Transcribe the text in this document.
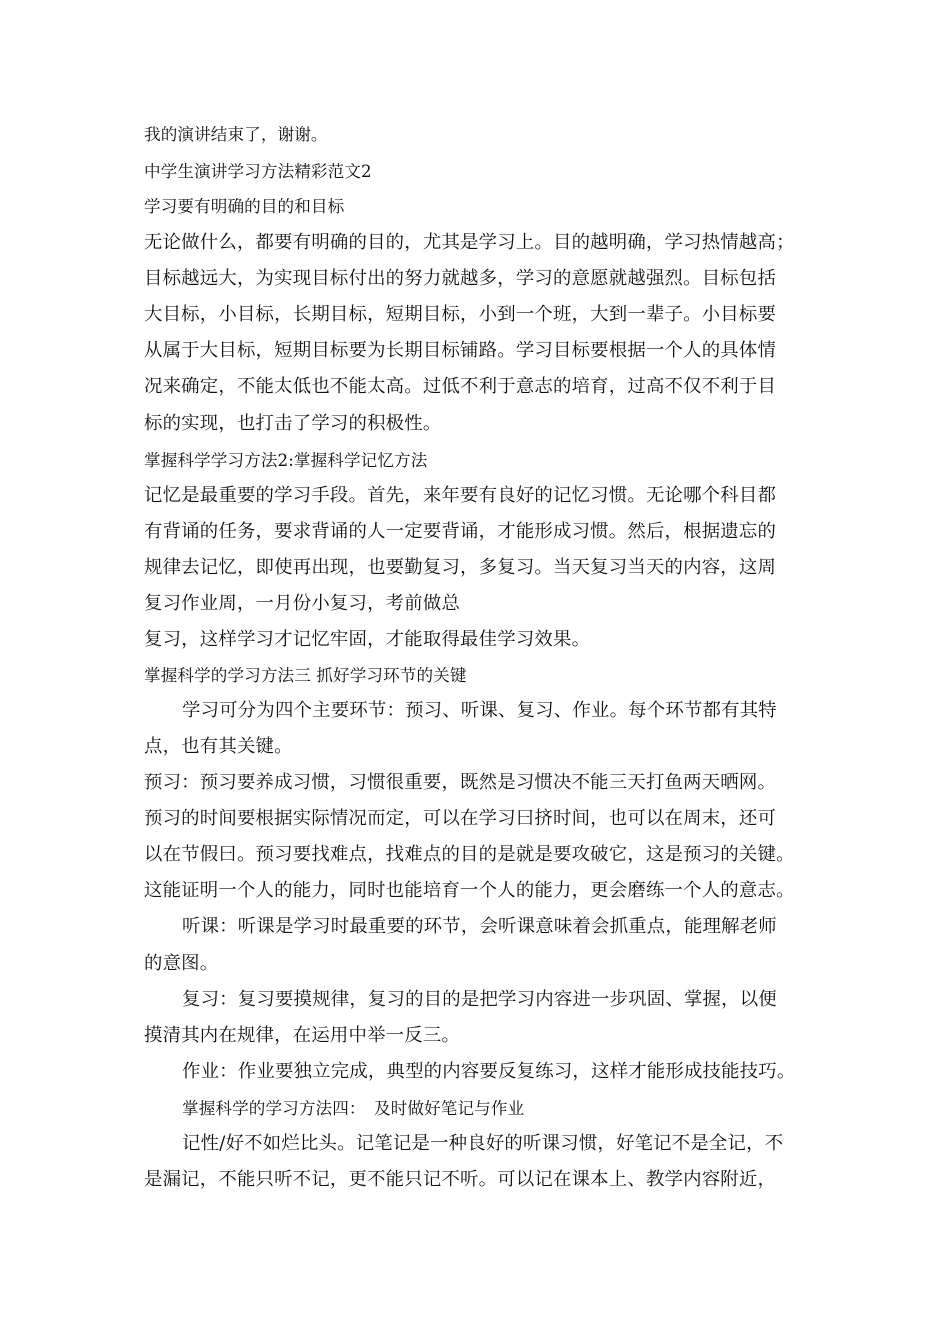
我的演讲结束了，谢谢。
中学生演讲学习方法精彩范文2
学习要有明确的目的和目标
无论做什么，都要有明确的目的，尤其是学习上。目的越明确，学习热情越高；
目标越远大，为实现目标付出的努力就越多，学习的意愿就越强烈。目标包括
大目标，小目标，长期目标，短期目标，小到一个班，大到一辈子。小目标要
从属于大目标，短期目标要为长期目标铺路。学习目标要根据一个人的具体情
况来确定，不能太低也不能太高。过低不利于意志的培育，过高不仅不利于目
标的实现，也打击了学习的积极性。
掌握科学学习方法2:掌握科学记忆方法
记忆是最重要的学习手段。首先，来年要有良好的记忆习惯。无论哪个科目都
有背诵的任务，要求背诵的人一定要背诵，才能形成习惯。然后，根据遗忘的
规律去记忆，即使再出现，也要勤复习，多复习。当天复习当天的内容，这周
复习作业周，一月份小复习，考前做总
复习，这样学习才记忆牢固，才能取得最佳学习效果。
掌握科学的学习方法三 抓好学习环节的关键
学习可分为四个主要环节：预习、听课、复习、作业。每个环节都有其特
点，也有其关键。
预习：预习要养成习惯，习惯很重要，既然是习惯决不能三天打鱼两天晒网。
预习的时间要根据实际情况而定，可以在学习曰挤时间，也可以在周末，还可
以在节假曰。预习要找难点，找难点的目的是就是要攻破它，这是预习的关键。
这能证明一个人的能力，同时也能培育一个人的能力，更会磨练一个人的意志。
听课：听课是学习时最重要的环节，会听课意味着会抓重点，能理解老师
的意图。
复习：复习要摸规律，复习的目的是把学习内容进一步巩固、掌握，以便
摸清其内在规律，在运用中举一反三。
作业：作业要独立完成，典型的内容要反复练习，这样才能形成技能技巧。
掌握科学的学习方法四：　及时做好笔记与作业
记性/好不如烂比头。记笔记是一种良好的听课习惯，好笔记不是全记，不
是漏记，不能只听不记，更不能只记不听。可以记在课本上、教学内容附近，
